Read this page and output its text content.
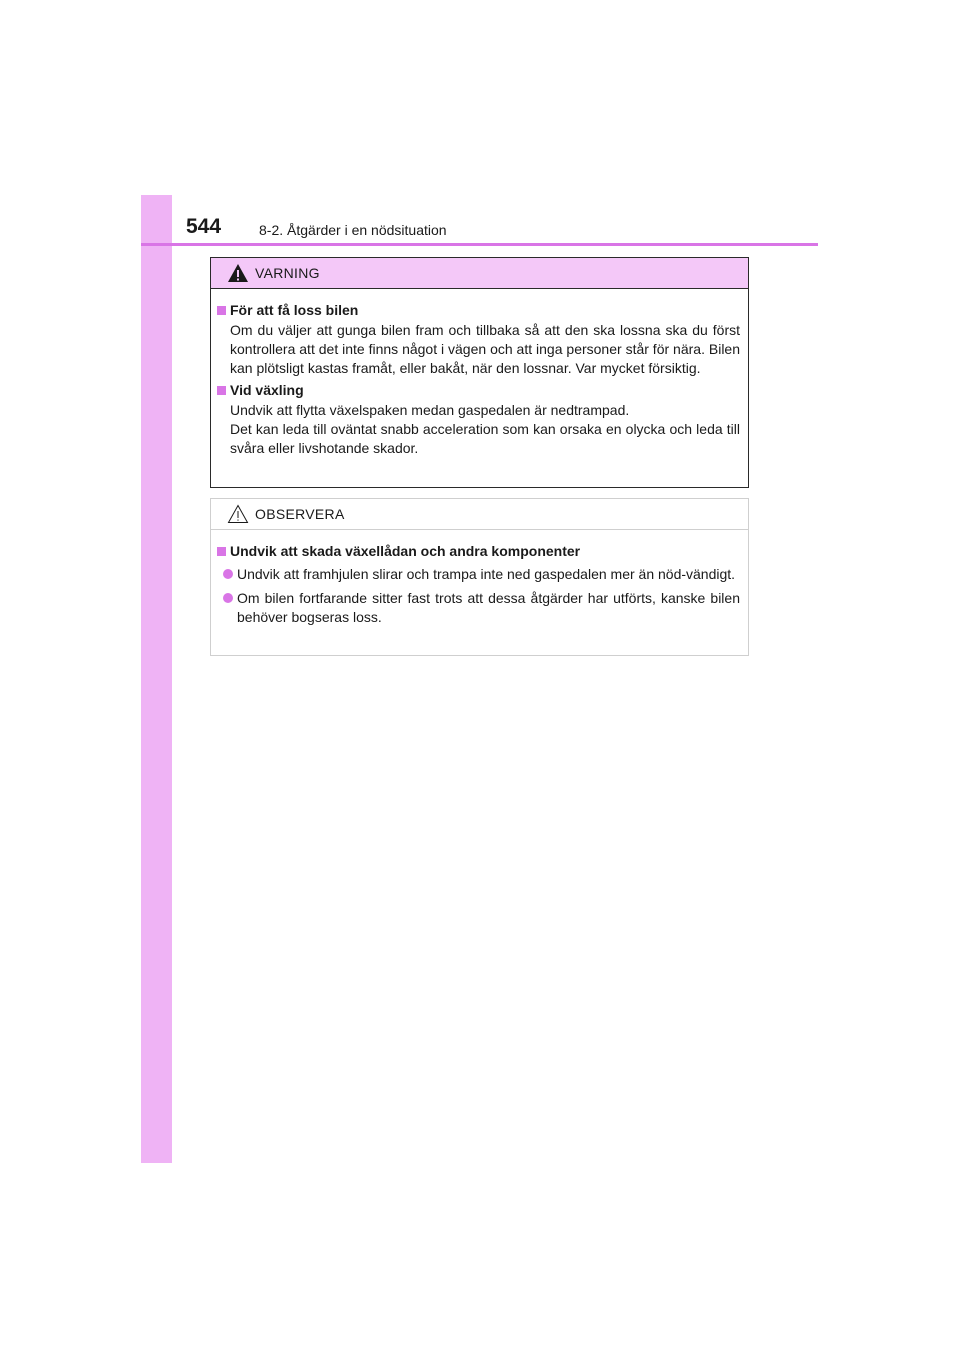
544	8-2. Åtgärder i en nödsituation
VARNING
För att få loss bilen

Om du väljer att gunga bilen fram och tillbaka så att den ska lossna ska du först kontrollera att det inte finns något i vägen och att inga personer står för nära. Bilen kan plötsligt kastas framåt, eller bakåt, när den lossnar. Var mycket försiktig.

Vid växling

Undvik att flytta växelspaken medan gaspedalen är nedtrampad.

Det kan leda till oväntat snabb acceleration som kan orsaka en olycka och leda till svåra eller livshotande skador.

OBSERVERA
Undvik att skada växellådan och andra komponenter
Undvik att framhjulen slirar och trampa inte ned gaspedalen mer än nöd-vändigt.
Om bilen fortfarande sitter fast trots att dessa åtgärder har utförts, kanske bilen behöver bogseras loss.
